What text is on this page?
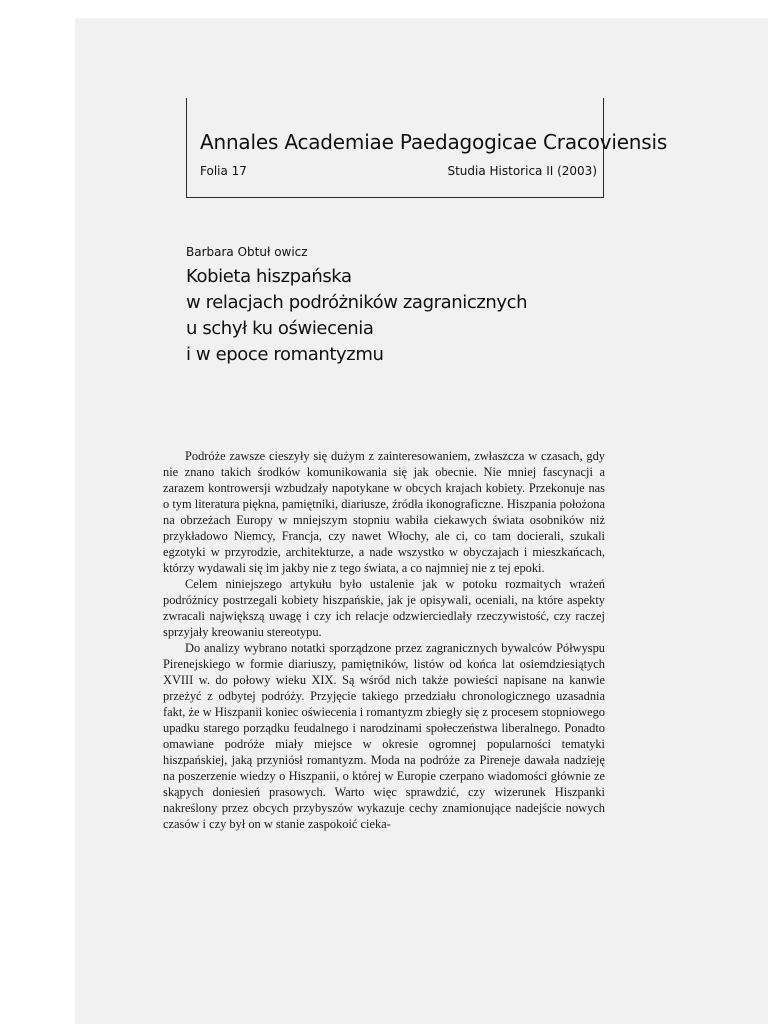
Annales Academiae Paedagogicae Cracoviensis
Folia 17	Studia Historica II (2003)
Barbara Obtuł owicz
Kobieta hiszpańska
w relacjach podróżników zagranicznych
u schył ku oświecenia
i w epoce romantyzmu

Podróże zawsze cieszyły się dużym z zainteresowaniem, zwłaszcza w czasach, gdy nie znano takich środków komunikowania się jak obecnie. Nie mniej fascynacji a zarazem kontrowersji wzbudzały napotykane w obcych krajach kobiety. Przekonuje nas o tym literatura piękna, pamiętniki, diariusze, źródła ikonograficzne. Hiszpania położona na obrzeżach Europy w mniejszym stopniu wabiła ciekawych świata osobników niż przykładowo Niemcy, Francja, czy nawet Włochy, ale ci, co tam docierali, szukali egzotyki w przyrodzie, architekturze, a nade wszystko w obyczajach i mieszkańcach, którzy wydawali się im jakby nie z tego świata, a co najmniej nie z tej epoki.

Celem niniejszego artykułu było ustalenie jak w potoku rozmaitych wrażeń podróżnicy postrzegali kobiety hiszpańskie, jak je opisywali, oceniali, na które aspekty zwracali największą uwagę i czy ich relacje odzwierciedlały rzeczywistość, czy raczej sprzyjały kreowaniu stereotypu.

Do analizy wybrano notatki sporządzone przez zagranicznych bywalców Półwyspu Pirenejskiego w formie diariuszy, pamiętników, listów od końca lat osiemdziesiątych XVIII w. do połowy wieku XIX. Są wśród nich także powieści napisane na kanwie przeżyć z odbytej podróży. Przyjęcie takiego przedziału chronologicznego uzasadnia fakt, że w Hiszpanii koniec oświecenia i romantyzm zbiegły się z procesem stopniowego upadku starego porządku feudalnego i narodzinami społeczeństwa liberalnego. Ponadto omawiane podróże miały miejsce w okresie ogromnej popularności tematyki hiszpańskiej, jaką przyniósł romantyzm. Moda na podróże za Pireneje dawała nadzieję na poszerzenie wiedzy o Hiszpanii, o której w Europie czerpano wiadomości głównie ze skąpych doniesień prasowych. Warto więc sprawdzić, czy wizerunek Hiszpanki nakreślony przez obcych przybyszów wykazuje cechy znamionujące nadejście nowych czasów i czy był on w stanie zaspokoić cieka-
